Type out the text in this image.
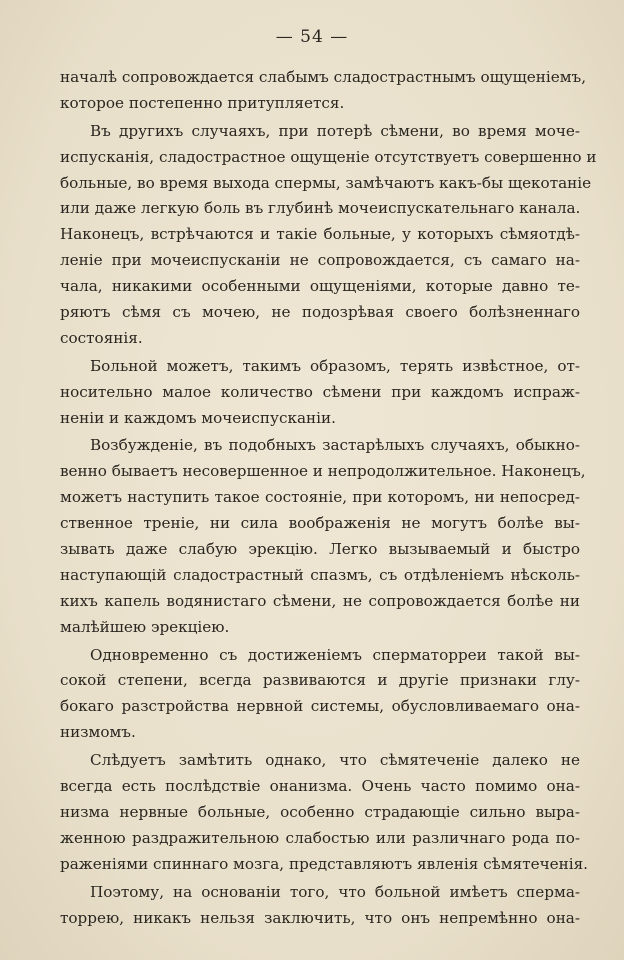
— 54 —
началѣ сопровождается слабымъ сладострастнымъ ощущеніемъ,
которое постепенно притупляется.
Въ другихъ случаяхъ, при потерѣ сѣмени, во время моче-
испусканія, сладострастное ощущеніе отсутствуетъ совершенно и
больные, во время выхода спермы, замѣчаютъ какъ-бы щекотаніе
или даже легкую боль въ глубинѣ мочеиспускательнаго канала.
Наконецъ, встрѣчаются и такіе больные, у которыхъ сѣмяотдѣ-
леніе при мочеиспусканіи не сопровождается, съ самаго на-
чала, никакими особенными ощущеніями, которые давно те-
ряютъ сѣмя съ мочею, не подозрѣвая своего болѣзненнаго
состоянія.
Больной можетъ, такимъ образомъ, терять извѣстное, от-
носительно малое количество сѣмени при каждомъ испраж-
неніи и каждомъ мочеиспусканіи.
Возбужденіе, въ подобныхъ застарѣлыхъ случаяхъ, обыкно-
венно бываетъ несовершенное и непродолжительное. Наконецъ,
можетъ наступить такое состояніе, при которомъ, ни непосред-
ственное треніе, ни сила воображенія не могутъ болѣе вы-
зывать даже слабую эрекцію. Легко вызываемый и быстро
наступающій сладострастный спазмъ, съ отдѣленіемъ нѣсколь-
кихъ капель водянистаго сѣмени, не сопровождается болѣе ни
малѣйшею эрекціею.
Одновременно съ достиженіемъ сперматорреи такой вы-
сокой степени, всегда развиваются и другіе признаки глу-
бокаго разстройства нервной системы, обусловливаемаго она-
низмомъ.
Слѣдуетъ замѣтить однако, что сѣмятеченіе далеко не
всегда есть послѣдствіе онанизма. Очень часто помимо она-
низма нервные больные, особенно страдающіе сильно выра-
женною раздражительною слабостью или различнаго рода по-
раженіями спиннаго мозга, представляютъ явленія сѣмятеченія.
Поэтому, на основаніи того, что больной имѣетъ сперма-
торрею, никакъ нельзя заключить, что онъ непремѣнно она-
